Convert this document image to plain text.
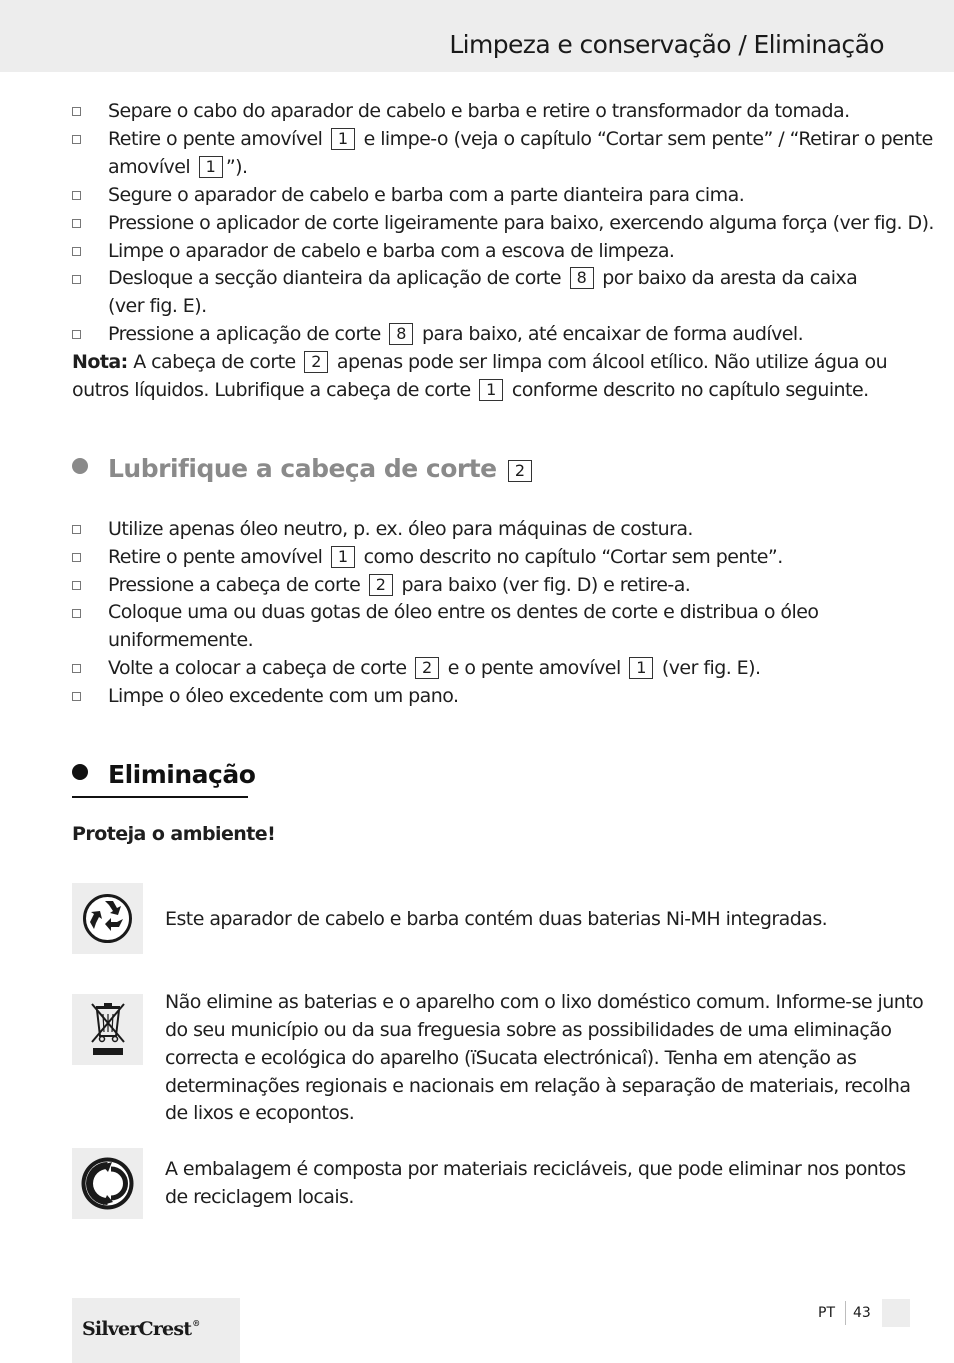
Limpeza e conservação / Eliminação
Separe o cabo do aparador de cabelo e barba e retire o transformador da tomada.
Retire o pente amovível 1 e limpe-o (veja o capítulo “Cortar sem pente” / “Retirar o pente
amovível 1 ”).
Segure o aparador de cabelo e barba com a parte dianteira para cima.
Pressione o aplicador de corte ligeiramente para baixo, exercendo alguma força (ver fig. D).
Limpe o aparador de cabelo e barba com a escova de limpeza.
Desloque a secção dianteira da aplicação de corte 8 por baixo da aresta da caixa
(ver fig. E).
Pressione a aplicação de corte 8 para baixo, até encaixar de forma audível.
Nota: A cabeça de corte 2 apenas pode ser limpa com álcool etílico. Não utilize água ou
outros líquidos. Lubrifique a cabeça de corte 1 conforme descrito no capítulo seguinte.
Lubrifique a cabeça de corte 2
Utilize apenas óleo neutro, p. ex. óleo para máquinas de costura.
Retire o pente amovível 1 como descrito no capítulo “Cortar sem pente”.
Pressione a cabeça de corte 2 para baixo (ver fig. D) e retire-a.
Coloque uma ou duas gotas de óleo entre os dentes de corte e distribua o óleo
uniformemente.
Volte a colocar a cabeça de corte 2 e o pente amovível 1 (ver fig. E).
Limpe o óleo excedente com um pano.
Eliminação
Proteja o ambiente!
Este aparador de cabelo e barba contém duas baterias Ni-MH integradas.
Não elimine as baterias e o aparelho com o lixo doméstico comum. Informe-se junto
do seu município ou da sua freguesia sobre as possibilidades de uma eliminação
correcta e ecológica do aparelho (ïSucata electrónicaî). Tenha em atenção as
determinações regionais e nacionais em relação à separação de materiais, recolha
de lixos e ecopontos.
A embalagem é composta por materiais recicláveis, que pode eliminar nos pontos
de reciclagem locais.
SilverCrest®
PT 43
